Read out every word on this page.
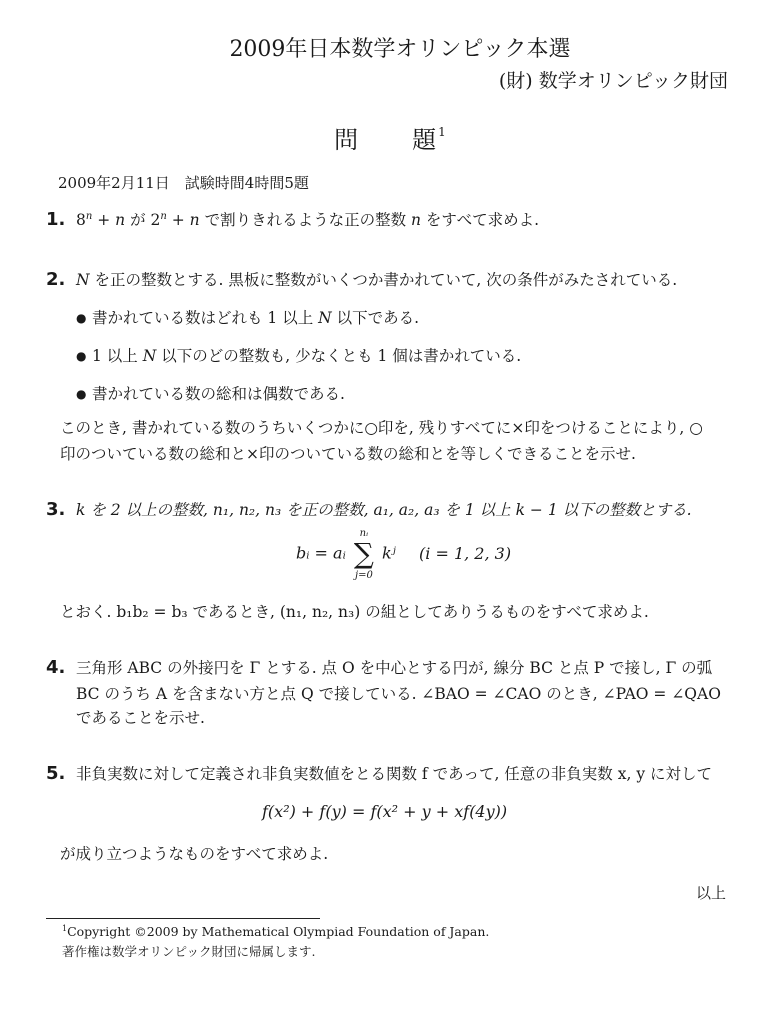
2009年日本数学オリンピック本選
(財) 数学オリンピック財団
問　　題$^1$
2009年2月11日　試験時間4時間5題
1. $8^n + n$ が $2^n + n$ で割りきれるような正の整数 n をすべて求めよ.
2. N を正の整数とする. 黒板に整数がいくつか書かれていて, 次の条件がみたされている.
● 書かれている数はどれも 1 以上 N 以下である.
● 1 以上 N 以下のどの整数も, 少なくとも 1 個は書かれている.
● 書かれている数の総和は偶数である.
このとき, 書かれている数のうちいくつかに○印を, 残りすべてに×印をつけることにより, ○
印のついている数の総和と×印のついている数の総和とを等しくできることを示せ.
3. k を 2 以上の整数, n₁, n₂, n₃ を正の整数, a₁, a₂, a₃ を 1 以上 k − 1 以下の整数とする.
bᵢ = aᵢ
nᵢ
∑
j=0
kʲ (i = 1, 2, 3)
とおく. b₁b₂ = b₃ であるとき, (n₁, n₂, n₃) の組としてありうるものをすべて求めよ.
4. 三角形 ABC の外接円を Γ とする. 点 O を中心とする円が, 線分 BC と点 P で接し, Γ の弧
BC のうち A を含まない方と点 Q で接している. ∠BAO = ∠CAO のとき, ∠PAO = ∠QAO
であることを示せ.
5. 非負実数に対して定義され非負実数値をとる関数 f であって, 任意の非負実数 x, y に対して
f(x²) + f(y) = f(x² + y + xf(4y))
が成り立つようなものをすべて求めよ.
以上
$^1$Copyright ©2009 by Mathematical Olympiad Foundation of Japan.
著作権は数学オリンピック財団に帰属します.
